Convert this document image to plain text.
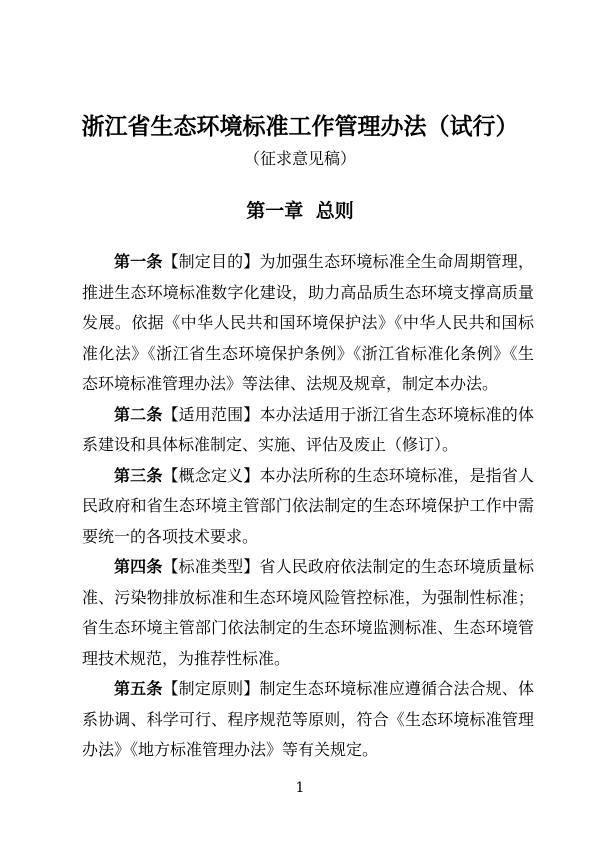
浙江省生态环境标准工作管理办法（试行）
（征求意见稿）
第一章 总则

第一条【制定目的】为加强生态环境标准全生命周期管理，推进生态环境标准数字化建设，助力高品质生态环境支撑高质量发展。依据《中华人民共和国环境保护法》《中华人民共和国标准化法》《浙江省生态环境保护条例》《浙江省标准化条例》《生态环境标准管理办法》等法律、法规及规章，制定本办法。

第二条【适用范围】本办法适用于浙江省生态环境标准的体系建设和具体标准制定、实施、评估及废止（修订）。

第三条【概念定义】本办法所称的生态环境标准，是指省人民政府和省生态环境主管部门依法制定的生态环境保护工作中需要统一的各项技术要求。

第四条【标准类型】省人民政府依法制定的生态环境质量标准、污染物排放标准和生态环境风险管控标准，为强制性标准；省生态环境主管部门依法制定的生态环境监测标准、生态环境管理技术规范，为推荐性标准。

第五条【制定原则】制定生态环境标准应遵循合法合规、体系协调、科学可行、程序规范等原则，符合《生态环境标准管理办法》《地方标准管理办法》等有关规定。

1
